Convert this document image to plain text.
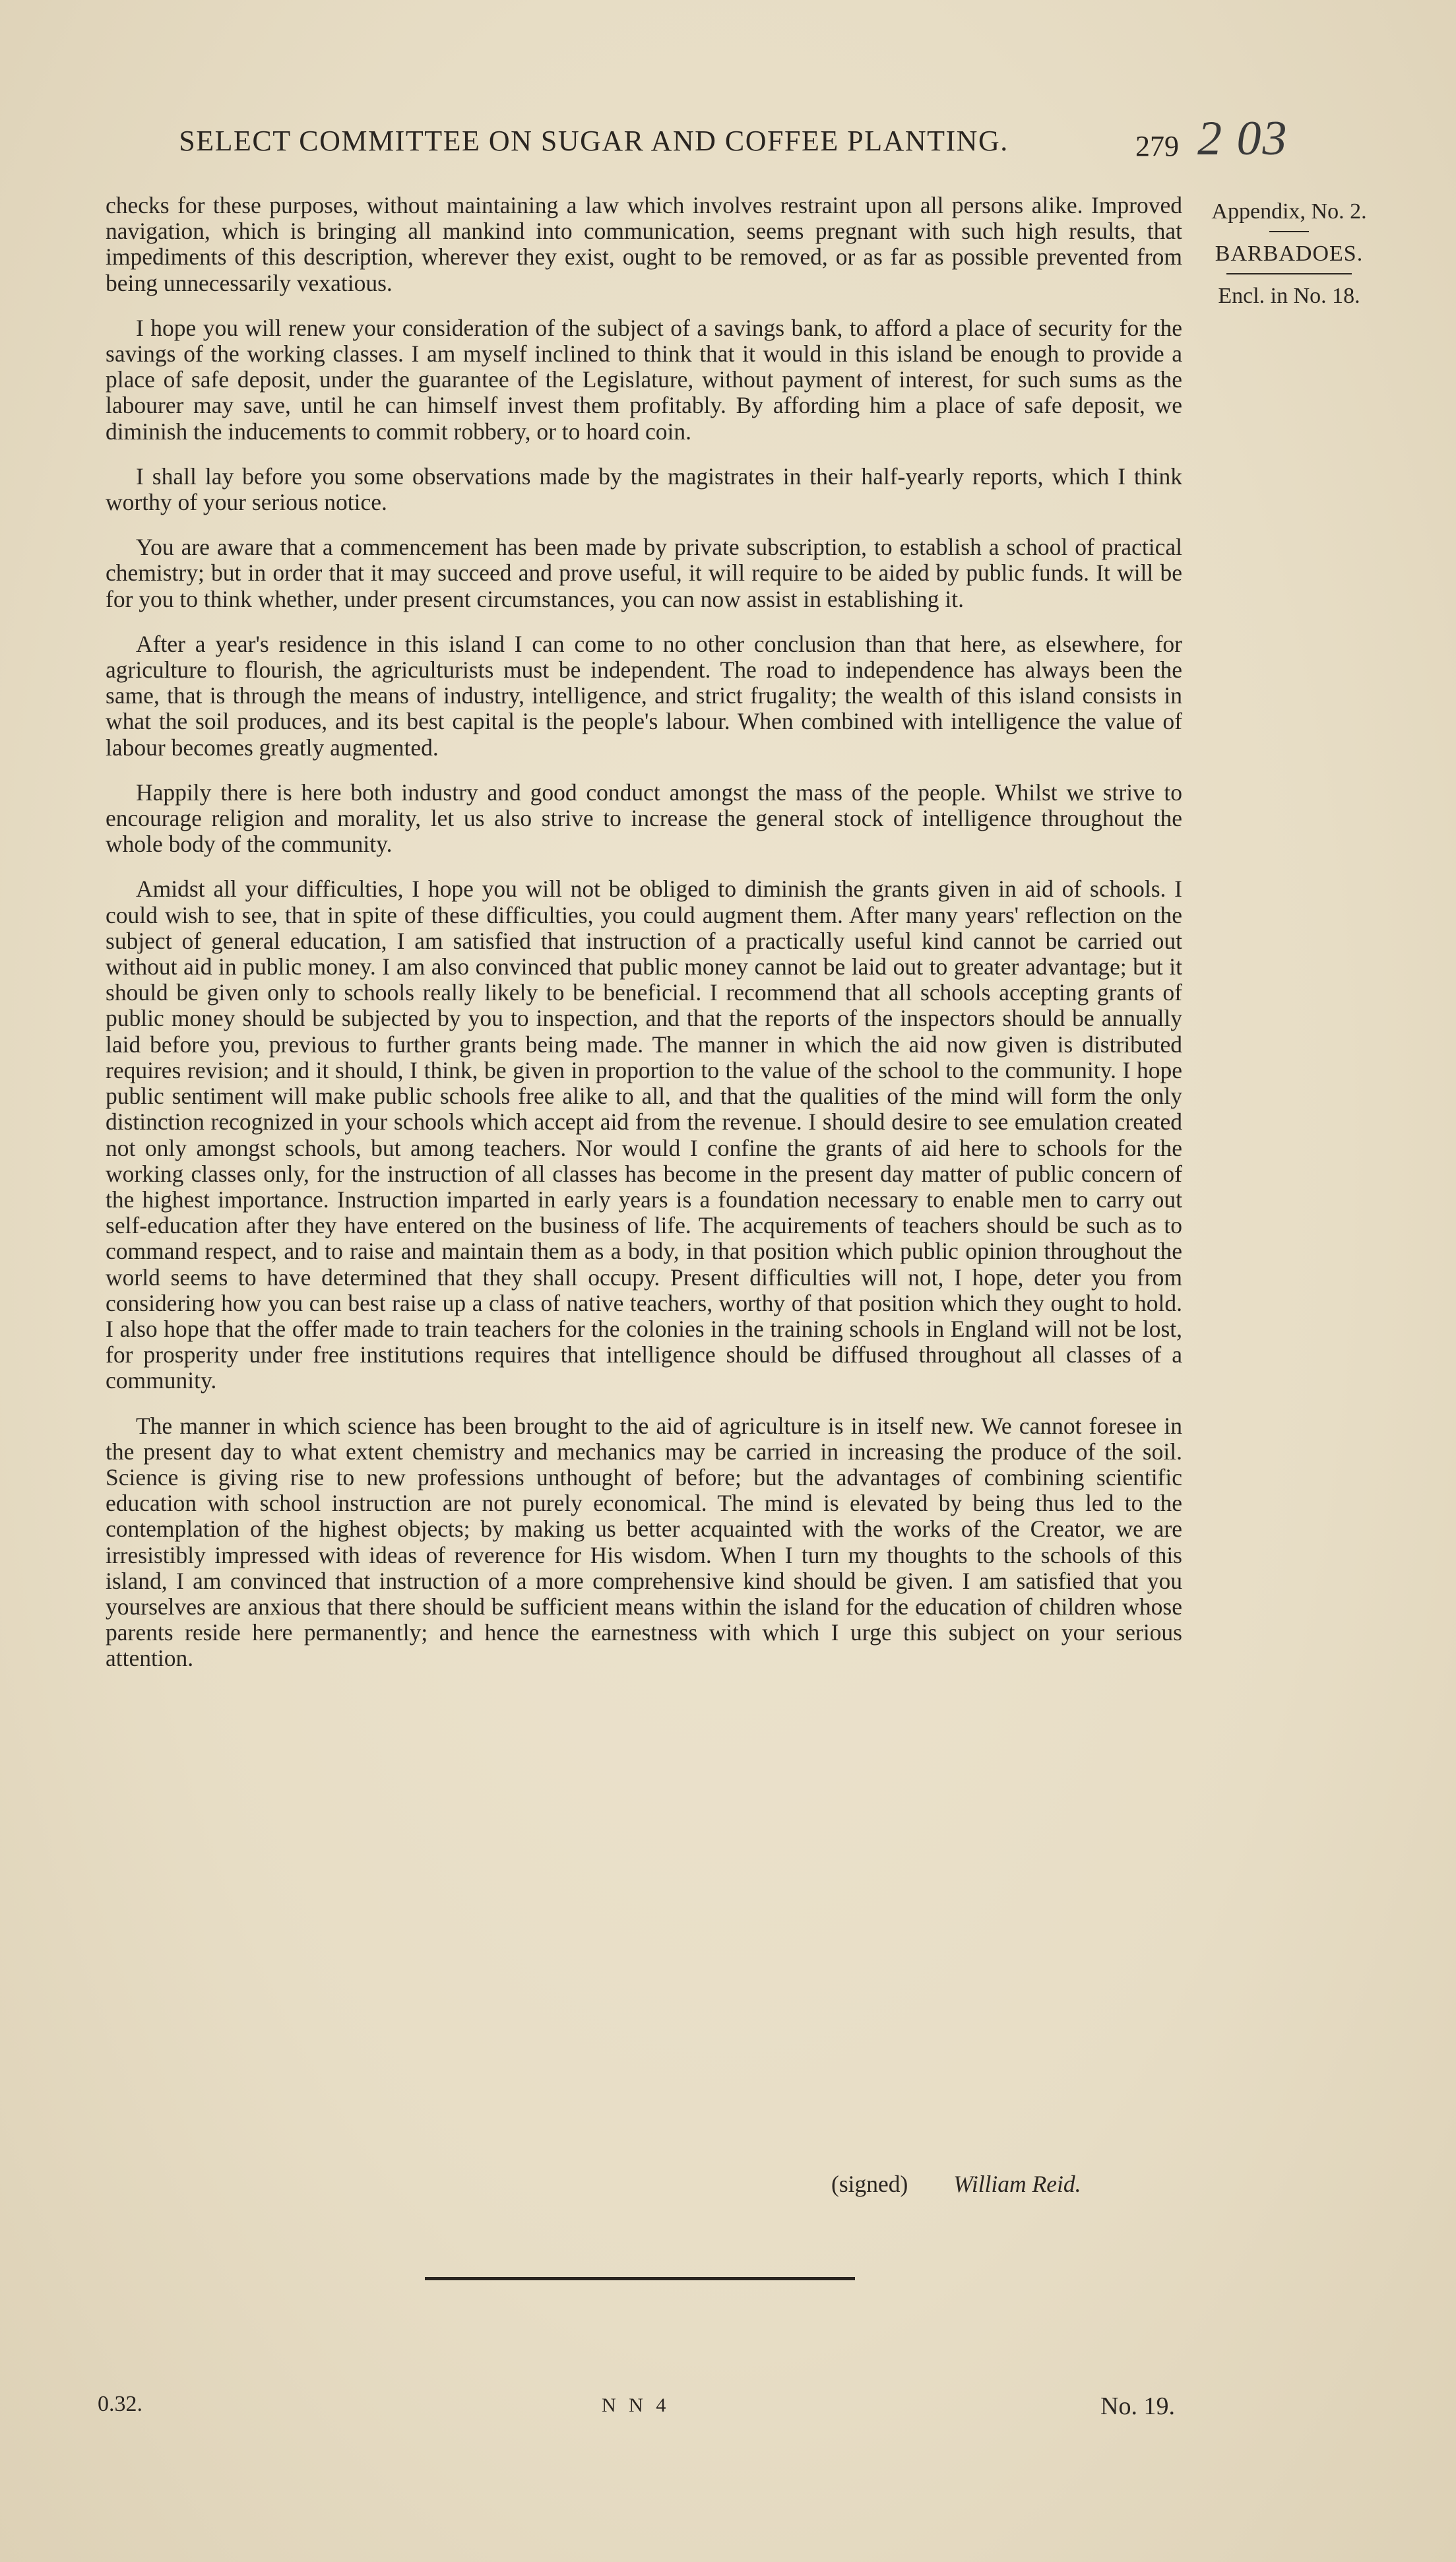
SELECT COMMITTEE ON SUGAR AND COFFEE PLANTING.	279 2 03
Appendix, No. 2.
BARBADOES.
Encl. in No. 18.

checks for these purposes, without maintaining a law which involves restraint upon all persons alike. Improved navigation, which is bringing all mankind into communication, seems pregnant with such high results, that impediments of this description, wherever they exist, ought to be removed, or as far as possible prevented from being unnecessarily vexatious.

I hope you will renew your consideration of the subject of a savings bank, to afford a place of security for the savings of the working classes. I am myself inclined to think that it would in this island be enough to provide a place of safe deposit, under the guarantee of the Legislature, without payment of interest, for such sums as the labourer may save, until he can himself invest them profitably. By affording him a place of safe deposit, we diminish the inducements to commit robbery, or to hoard coin.

I shall lay before you some observations made by the magistrates in their half-yearly reports, which I think worthy of your serious notice.

You are aware that a commencement has been made by private subscription, to establish a school of practical chemistry; but in order that it may succeed and prove useful, it will require to be aided by public funds. It will be for you to think whether, under present circumstances, you can now assist in establishing it.

After a year's residence in this island I can come to no other conclusion than that here, as elsewhere, for agriculture to flourish, the agriculturists must be independent. The road to independence has always been the same, that is through the means of industry, intelligence, and strict frugality; the wealth of this island consists in what the soil produces, and its best capital is the people's labour. When combined with intelligence the value of labour becomes greatly augmented.

Happily there is here both industry and good conduct amongst the mass of the people. Whilst we strive to encourage religion and morality, let us also strive to increase the general stock of intelligence throughout the whole body of the community.

Amidst all your difficulties, I hope you will not be obliged to diminish the grants given in aid of schools. I could wish to see, that in spite of these difficulties, you could augment them. After many years' reflection on the subject of general education, I am satisfied that instruction of a practically useful kind cannot be carried out without aid in public money. I am also convinced that public money cannot be laid out to greater advantage; but it should be given only to schools really likely to be beneficial. I recommend that all schools accepting grants of public money should be subjected by you to inspection, and that the reports of the inspectors should be annually laid before you, previous to further grants being made. The manner in which the aid now given is distributed requires revision; and it should, I think, be given in proportion to the value of the school to the community. I hope public sentiment will make public schools free alike to all, and that the qualities of the mind will form the only distinction recognized in your schools which accept aid from the revenue. I should desire to see emulation created not only amongst schools, but among teachers. Nor would I confine the grants of aid here to schools for the working classes only, for the instruction of all classes has become in the present day matter of public concern of the highest importance. Instruction imparted in early years is a foundation necessary to enable men to carry out self-education after they have entered on the business of life. The acquirements of teachers should be such as to command respect, and to raise and maintain them as a body, in that position which public opinion throughout the world seems to have determined that they shall occupy. Present difficulties will not, I hope, deter you from considering how you can best raise up a class of native teachers, worthy of that position which they ought to hold. I also hope that the offer made to train teachers for the colonies in the training schools in England will not be lost, for prosperity under free institutions requires that intelligence should be diffused throughout all classes of a community.

The manner in which science has been brought to the aid of agriculture is in itself new. We cannot foresee in the present day to what extent chemistry and mechanics may be carried in increasing the produce of the soil. Science is giving rise to new professions unthought of before; but the advantages of combining scientific education with school instruction are not purely economical. The mind is elevated by being thus led to the contemplation of the highest objects; by making us better acquainted with the works of the Creator, we are irresistibly impressed with ideas of reverence for His wisdom. When I turn my thoughts to the schools of this island, I am convinced that instruction of a more comprehensive kind should be given. I am satisfied that you yourselves are anxious that there should be sufficient means within the island for the education of children whose parents reside here permanently; and hence the earnestness with which I urge this subject on your serious attention.

(signed) William Reid.
0.32.	N N 4	No. 19.
